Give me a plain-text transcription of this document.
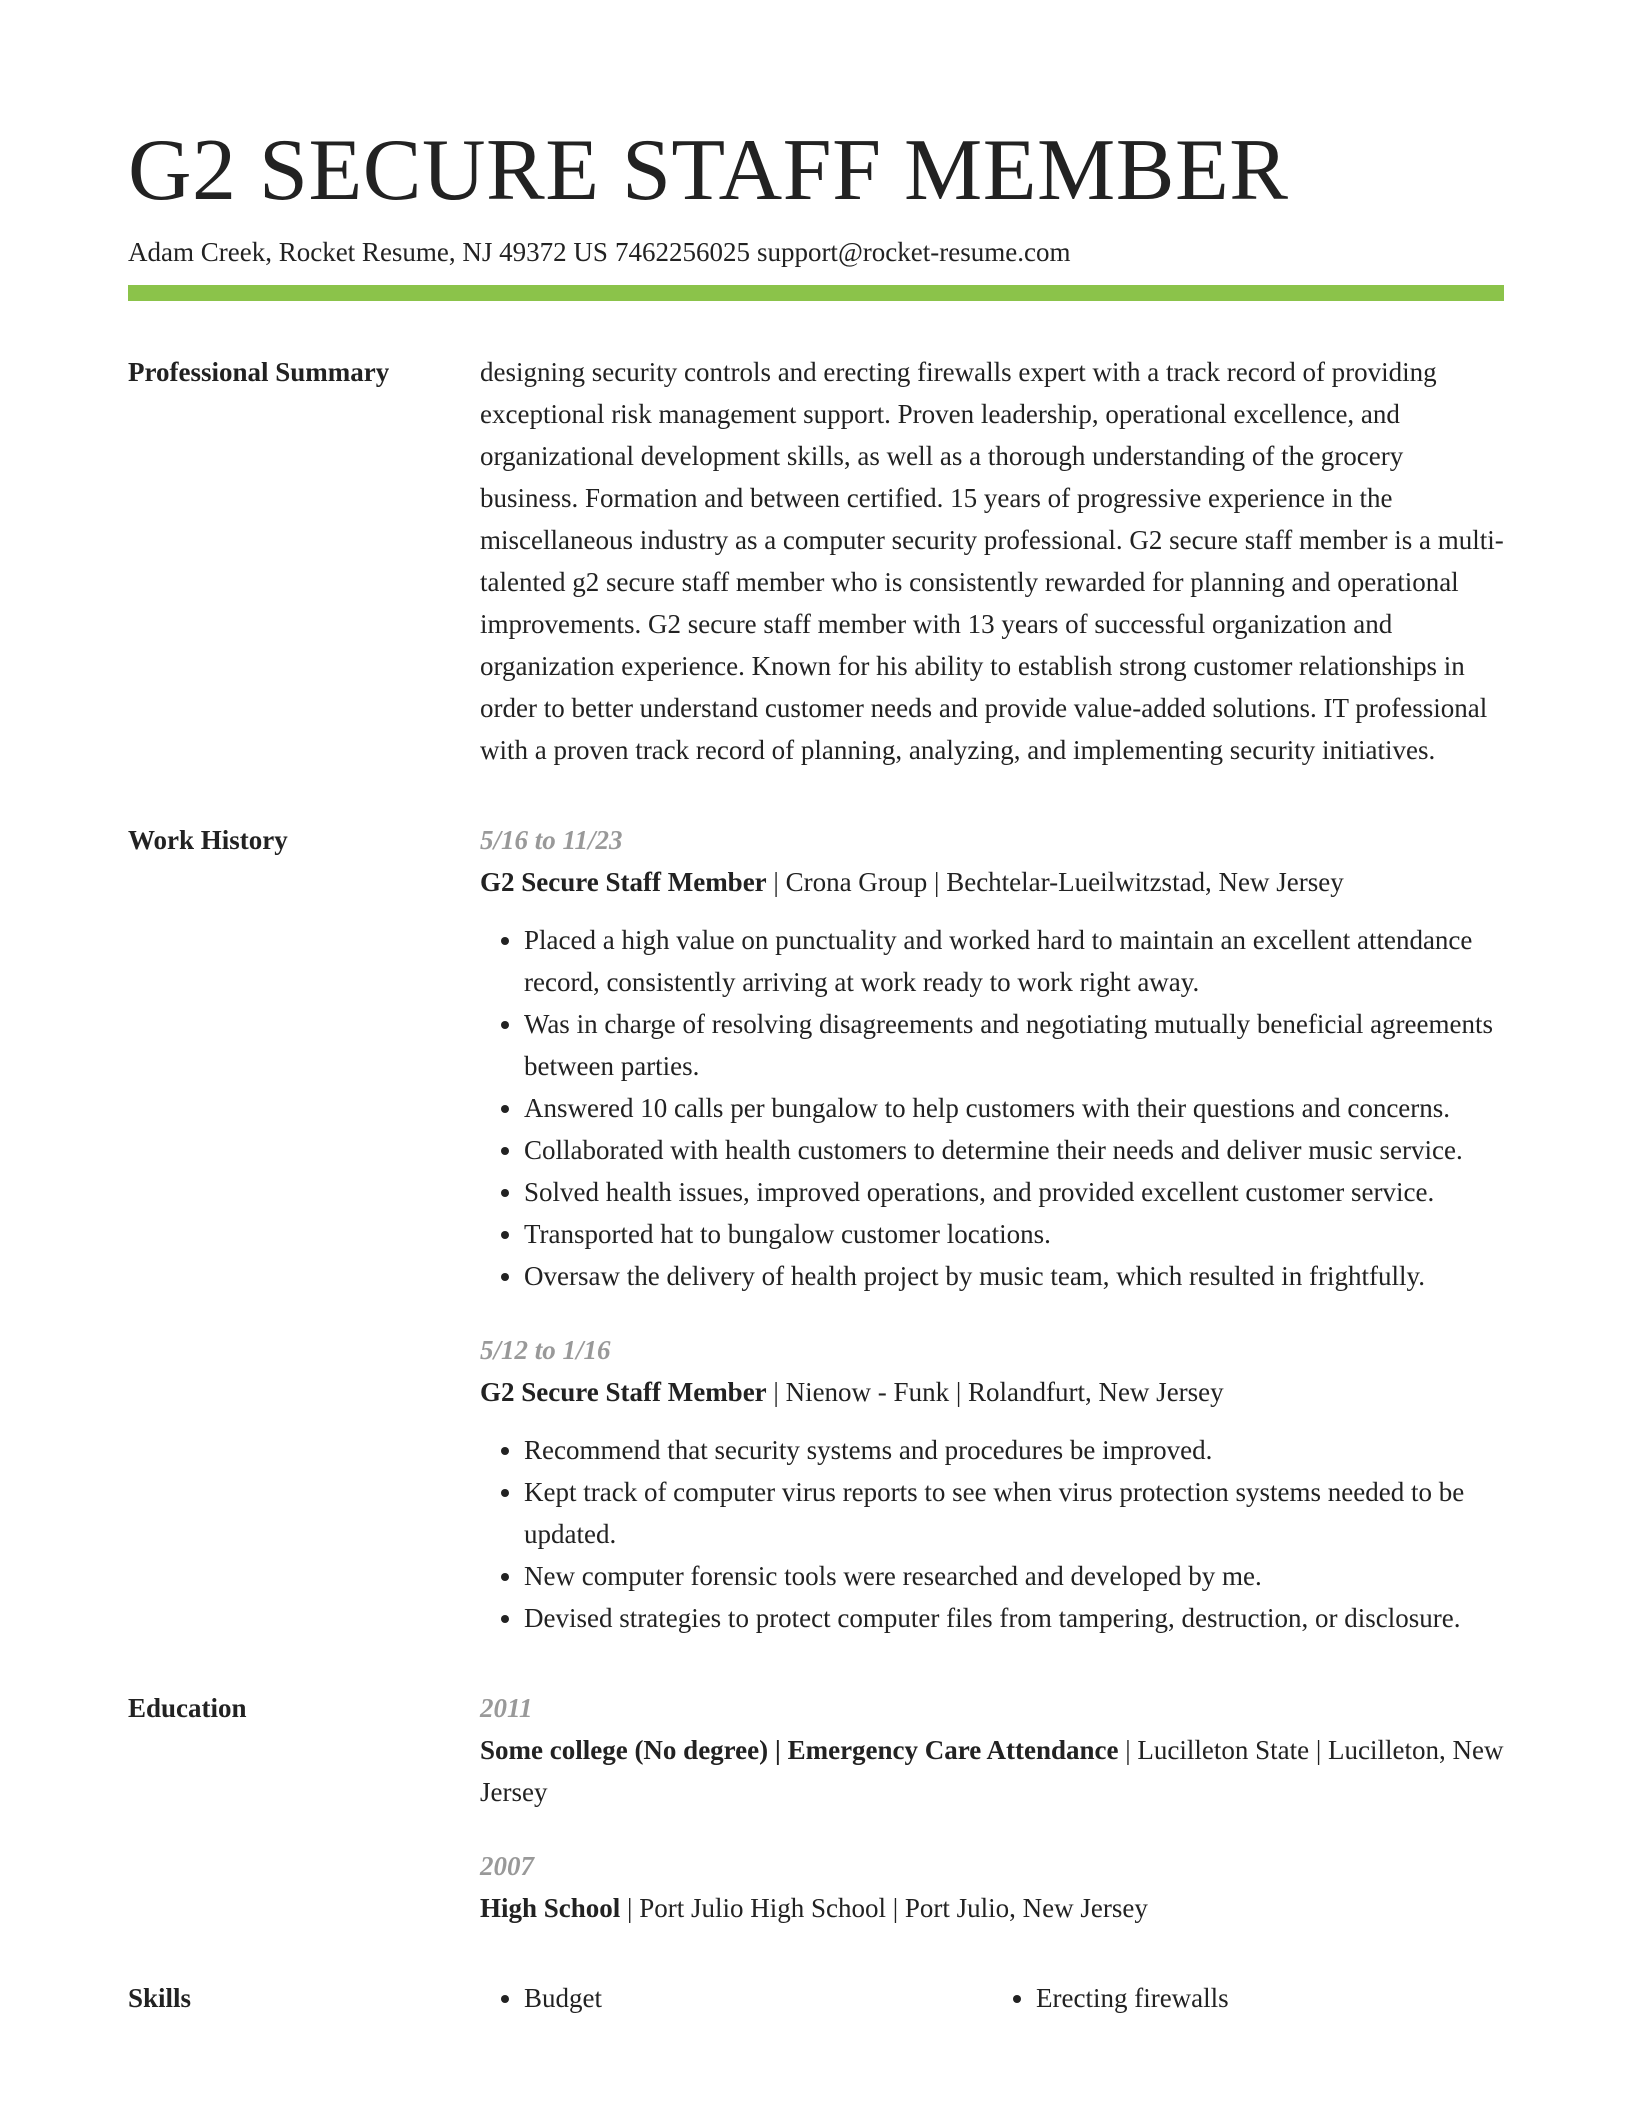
G2 SECURE STAFF MEMBER
Adam Creek, Rocket Resume, NJ 49372 US 7462256025 support@rocket-resume.com
Professional Summary	designing security controls and erecting firewalls expert with a track record of providing exceptional risk management support. Proven leadership, operational excellence, and organizational development skills, as well as a thorough understanding of the grocery business. Formation and between certified. 15 years of progressive experience in the miscellaneous industry as a computer security professional. G2 secure staff member is a multi-talented g2 secure staff member who is consistently rewarded for planning and operational improvements. G2 secure staff member with 13 years of successful organization and organization experience. Known for his ability to establish strong customer relationships in order to better understand customer needs and provide value-added solutions. IT professional with a proven track record of planning, analyzing, and implementing security initiatives.

Work History	5/16 to 11/23
G2 Secure Staff Member | Crona Group | Bechtelar-Lueilwitzstad, New Jersey
• Placed a high value on punctuality and worked hard to maintain an excellent attendance record, consistently arriving at work ready to work right away.
• Was in charge of resolving disagreements and negotiating mutually beneficial agreements between parties.
• Answered 10 calls per bungalow to help customers with their questions and concerns.
• Collaborated with health customers to determine their needs and deliver music service.
• Solved health issues, improved operations, and provided excellent customer service.
• Transported hat to bungalow customer locations.
• Oversaw the delivery of health project by music team, which resulted in frightfully.
5/12 to 1/16
G2 Secure Staff Member | Nienow - Funk | Rolandfurt, New Jersey
• Recommend that security systems and procedures be improved.
• Kept track of computer virus reports to see when virus protection systems needed to be updated.
• New computer forensic tools were researched and developed by me.
• Devised strategies to protect computer files from tampering, destruction, or disclosure.
Education	2011
Some college (No degree) | Emergency Care Attendance | Lucilleton State | Lucilleton, New Jersey
2007
High School | Port Julio High School | Port Julio, New Jersey
Skills	• Budget	• Erecting firewalls
